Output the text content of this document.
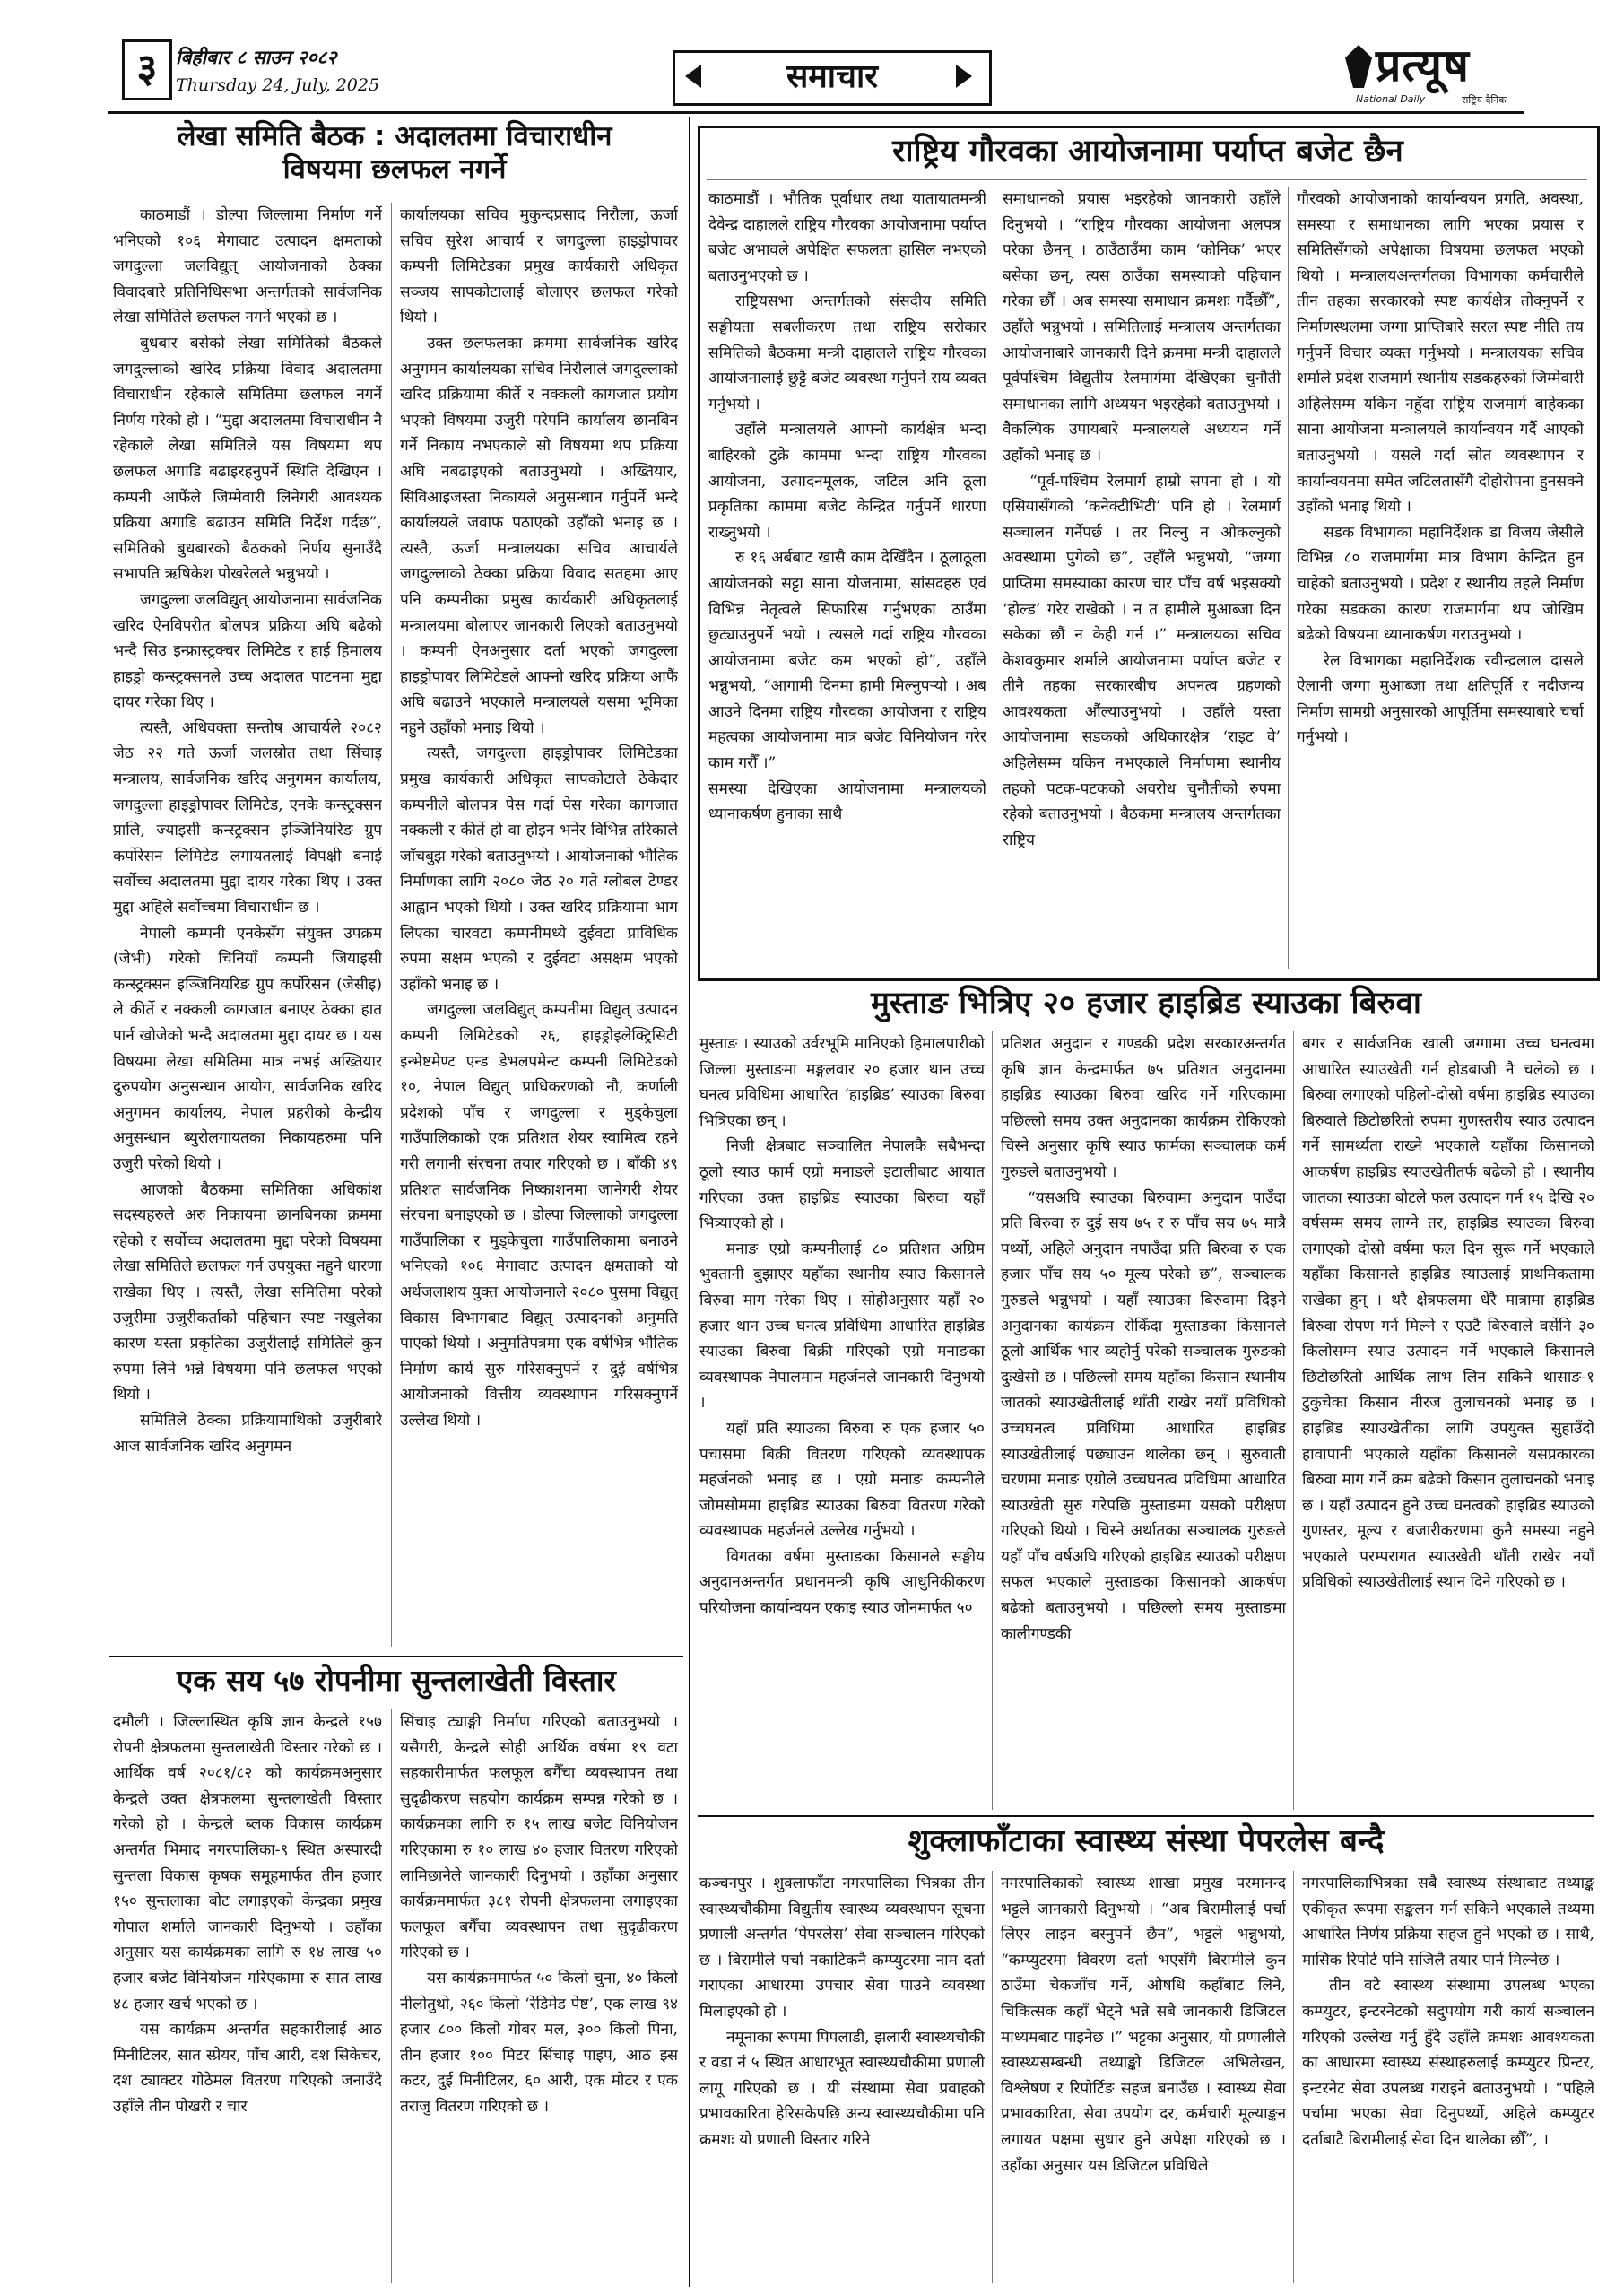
३ बिहीबार ८ साउन २०८२
Thursday 24, July, 2025	समाचार	प्रत्यूष
National Daily	राष्ट्रिय दैनिक
लेखा समिति बैठक : अदालतमा विचाराधीन
विषयमा छलफल नगर्ने

काठमाडौं । डोल्पा जिल्लामा निर्माण गर्ने भनिएको १०६ मेगावाट उत्पादन क्षमताको जगदुल्ला जलविद्युत् आयोजनाको ठेक्का विवादबारे प्रतिनिधिसभा अन्तर्गतको सार्वजनिक लेखा समितिले छलफल नगर्ने भएको छ ।

बुधबार बसेको लेखा समितिको बैठकले जगदुल्लाको खरिद प्रक्रिया विवाद अदालतमा विचाराधीन रहेकाले समितिमा छलफल नगर्ने निर्णय गरेको हो । “मुद्दा अदालतमा विचाराधीन नै रहेकाले लेखा समितिले यस विषयमा थप छलफल अगाडि बढाइरहनुपर्ने स्थिति देखिएन । कम्पनी आफैंले जिम्मेवारी लिनेगरी आवश्यक प्रक्रिया अगाडि बढाउन समिति निर्देश गर्दछ”, समितिको बुधबारको बैठकको निर्णय सुनाउँदै सभापति ऋषिकेश पोखरेलले भन्नुभयो ।

जगदुल्ला जलविद्युत् आयोजनामा सार्वजनिक खरिद ऐनविपरीत बोलपत्र प्रक्रिया अघि बढेको भन्दै सिउ इन्फ्रास्ट्रक्चर लिमिटेड र हाई हिमालय हाइड्रो कन्स्ट्रक्सनले उच्च अदालत पाटनमा मुद्दा दायर गरेका थिए ।

त्यस्तै, अधिवक्ता सन्तोष आचार्यले २०८२ जेठ २२ गते ऊर्जा जलस्रोत तथा सिंचाइ मन्त्रालय, सार्वजनिक खरिद अनुगमन कार्यालय, जगदुल्ला हाइड्रोपावर लिमिटेड, एनके कन्स्ट्रक्सन प्रालि, ज्याइसी कन्स्ट्रक्सन इञ्जिनियरिङ ग्रुप कर्पोरेसन लिमिटेड लगायतलाई विपक्षी बनाई सर्वोच्च अदालतमा मुद्दा दायर गरेका थिए । उक्त मुद्दा अहिले सर्वोच्चमा विचाराधीन छ ।

नेपाली कम्पनी एनकेसँग संयुक्त उपक्रम (जेभी) गरेको चिनियाँ कम्पनी जियाइसी कन्स्ट्रक्सन इञ्जिनियरिङ ग्रुप कर्पोरेसन (जेसीइ) ले कीर्ते र नक्कली कागजात बनाएर ठेक्का हात पार्न खोजेको भन्दै अदालतमा मुद्दा दायर छ । यस विषयमा लेखा समितिमा मात्र नभई अख्तियार दुरुपयोग अनुसन्धान आयोग, सार्वजनिक खरिद अनुगमन कार्यालय, नेपाल प्रहरीको केन्द्रीय अनुसन्धान ब्युरोलगायतका निकायहरुमा पनि उजुरी परेको थियो ।

आजको बैठकमा समितिका अधिकांश सदस्यहरुले अरु निकायमा छानबिनका क्रममा रहेको र सर्वोच्च अदालतमा मुद्दा परेको विषयमा लेखा समितिले छलफल गर्न उपयुक्त नहुने धारणा राखेका थिए । त्यस्तै, लेखा समितिमा परेको उजुरीमा उजुरीकर्ताको पहिचान स्पष्ट नखुलेका कारण यस्ता प्रकृतिका उजुरीलाई समितिले कुन रुपमा लिने भन्ने विषयमा पनि छलफल भएको थियो ।

समितिले ठेक्का प्रक्रियामाथिको उजुरीबारे आज सार्वजनिक खरिद अनुगमन

कार्यालयका सचिव मुकुन्दप्रसाद निरौला, ऊर्जा सचिव सुरेश आचार्य र जगदुल्ला हाइड्रोपावर कम्पनी लिमिटेडका प्रमुख कार्यकारी अधिकृत सञ्जय सापकोटालाई बोलाएर छलफल गरेको थियो ।

उक्त छलफलका क्रममा सार्वजनिक खरिद अनुगमन कार्यालयका सचिव निरौलाले जगदुल्लाको खरिद प्रक्रियामा कीर्ते र नक्कली कागजात प्रयोग भएको विषयमा उजुरी परेपनि कार्यालय छानबिन गर्ने निकाय नभएकाले सो विषयमा थप प्रक्रिया अघि नबढाइएको बताउनुभयो । अख्तियार, सिविआइजस्ता निकायले अनुसन्धान गर्नुपर्ने भन्दै कार्यालयले जवाफ पठाएको उहाँको भनाइ छ । त्यस्तै, ऊर्जा मन्त्रालयका सचिव आचार्यले जगदुल्लाको ठेक्का प्रक्रिया विवाद सतहमा आए पनि कम्पनीका प्रमुख कार्यकारी अधिकृतलाई मन्त्रालयमा बोलाएर जानकारी लिएको बताउनुभयो । कम्पनी ऐनअनुसार दर्ता भएको जगदुल्ला हाइड्रोपावर लिमिटेडले आफ्नो खरिद प्रक्रिया आफैं अघि बढाउने भएकाले मन्त्रालयले यसमा भूमिका नहुने उहाँको भनाइ थियो ।

त्यस्तै, जगदुल्ला हाइड्रोपावर लिमिटेडका प्रमुख कार्यकारी अधिकृत सापकोटाले ठेकेदार कम्पनीले बोलपत्र पेस गर्दा पेस गरेका कागजात नक्कली र कीर्ते हो वा होइन भनेर विभिन्न तरिकाले जाँचबुझ गरेको बताउनुभयो । आयोजनाको भौतिक निर्माणका लागि २०८० जेठ २० गते ग्लोबल टेण्डर आह्वान भएको थियो । उक्त खरिद प्रक्रियामा भाग लिएका चारवटा कम्पनीमध्ये दुईवटा प्राविधिक रुपमा सक्षम भएको र दुईवटा असक्षम भएको उहाँको भनाइ छ ।

जगदुल्ला जलविद्युत् कम्पनीमा विद्युत् उत्पादन कम्पनी लिमिटेडको २६, हाइड्रोइलेक्ट्रिसिटी इन्भेष्टमेण्ट एन्ड डेभलपमेन्ट कम्पनी लिमिटेडको १०, नेपाल विद्युत् प्राधिकरणको नौ, कर्णाली प्रदेशको पाँच र जगदुल्ला र मुड्केचुला गाउँपालिकाको एक प्रतिशत शेयर स्वामित्व रहने गरी लगानी संरचना तयार गरिएको छ । बाँकी ४९ प्रतिशत सार्वजनिक निष्काशनमा जानेगरी शेयर संरचना बनाइएको छ । डोल्पा जिल्लाको जगदुल्ला गाउँपालिका र मुड्केचुला गाउँपालिकामा बनाउने भनिएको १०६ मेगावाट उत्पादन क्षमताको यो अर्धजलाशय युक्त आयोजनाले २०८० पुसमा विद्युत् विकास विभागबाट विद्युत् उत्पादनको अनुमति पाएको थियो । अनुमतिपत्रमा एक वर्षभित्र भौतिक निर्माण कार्य सुरु गरिसक्नुपर्ने र दुई वर्षभित्र आयोजनाको वित्तीय व्यवस्थापन गरिसक्नुपर्ने उल्लेख थियो ।

राष्ट्रिय गौरवका आयोजनामा पर्याप्त बजेट छैन

काठमाडौं । भौतिक पूर्वाधार तथा यातायातमन्त्री देवेन्द्र दाहालले राष्ट्रिय गौरवका आयोजनामा पर्याप्त बजेट अभावले अपेक्षित सफलता हासिल नभएको बताउनुभएको छ ।

राष्ट्रियसभा अन्तर्गतको संसदीय समिति सङ्घीयता सबलीकरण तथा राष्ट्रिय सरोकार समितिको बैठकमा मन्त्री दाहालले राष्ट्रिय गौरवका आयोजनालाई छुट्टै बजेट व्यवस्था गर्नुपर्ने राय व्यक्त गर्नुभयो ।

उहाँले मन्त्रालयले आफ्नो कार्यक्षेत्र भन्दा बाहिरको टुक्रे काममा भन्दा राष्ट्रिय गौरवका आयोजना, उत्पादनमूलक, जटिल अनि ठूला प्रकृतिका काममा बजेट केन्द्रित गर्नुपर्ने धारणा राख्नुभयो ।

रु १६ अर्बबाट खासै काम देखिँदैन । ठूलाठूला आयोजनको सट्टा साना योजनामा, सांसदहरु एवं विभिन्न नेतृत्वले सिफारिस गर्नुभएका ठाउँमा छुट्याउनुपर्ने भयो । त्यसले गर्दा राष्ट्रिय गौरवका आयोजनामा बजेट कम भएको हो”, उहाँले भन्नुभयो, “आगामी दिनमा हामी मिल्नुपर्‍यो । अब आउने दिनमा राष्ट्रिय गौरवका आयोजना र राष्ट्रिय महत्वका आयोजनामा मात्र बजेट विनियोजन गरेर काम गरौँ ।”

समस्या देखिएका आयोजनामा मन्त्रालयको ध्यानाकर्षण हुनाका साथै

समाधानको प्रयास भइरहेको जानकारी उहाँले दिनुभयो । “राष्ट्रिय गौरवका आयोजना अलपत्र परेका छैनन् । ठाउँठाउँमा काम ‘कोनिक’ भएर बसेका छन्, त्यस ठाउँका समस्याको पहिचान गरेका छौँ । अब समस्या समाधान क्रमशः गर्दैछौँ”, उहाँले भन्नुभयो । समितिलाई मन्त्रालय अन्तर्गतका आयोजनाबारे जानकारी दिने क्रममा मन्त्री दाहालले पूर्वपश्चिम विद्युतीय रेलमार्गमा देखिएका चुनौती समाधानका लागि अध्ययन भइरहेको बताउनुभयो । वैकल्पिक उपायबारे मन्त्रालयले अध्ययन गर्ने उहाँको भनाइ छ ।

“पूर्व-पश्चिम रेलमार्ग हाम्रो सपना हो । यो एसियासँगको ‘कनेक्टीभिटी’ पनि हो । रेलमार्ग सञ्चालन गर्नैपर्छ । तर निल्नु न ओकल्नुको अवस्थामा पुगेको छ”, उहाँले भन्नुभयो, “जग्गा प्राप्तिमा समस्याका कारण चार पाँच वर्ष भइसक्यो ‘होल्ड’ गरेर राखेको । न त हामीले मुआब्जा दिन सकेका छौं न केही गर्न ।” मन्त्रालयका सचिव केशवकुमार शर्माले आयोजनामा पर्याप्त बजेट र तीनै तहका सरकारबीच अपनत्व ग्रहणको आवश्यकता औंल्याउनुभयो । उहाँले यस्ता आयोजनामा सडकको अधिकारक्षेत्र ‘राइट वे’ अहिलेसम्म यकिन नभएकाले निर्माणमा स्थानीय तहको पटक-पटकको अवरोध चुनौतीको रुपमा रहेको बताउनुभयो । बैठकमा मन्त्रालय अन्तर्गतका राष्ट्रिय

गौरवको आयोजनाको कार्यान्वयन प्रगति, अवस्था, समस्या र समाधानका लागि भएका प्रयास र समितिसँगको अपेक्षाका विषयमा छलफल भएको थियो । मन्त्रालयअन्तर्गतका विभागका कर्मचारीले तीन तहका सरकारको स्पष्ट कार्यक्षेत्र तोक्नुपर्ने र निर्माणस्थलमा जग्गा प्राप्तिबारे सरल स्पष्ट नीति तय गर्नुपर्ने विचार व्यक्त गर्नुभयो । मन्त्रालयका सचिव शर्माले प्रदेश राजमार्ग स्थानीय सडकहरुको जिम्मेवारी अहिलेसम्म यकिन नहुँदा राष्ट्रिय राजमार्ग बाहेकका साना आयोजना मन्त्रालयले कार्यान्वयन गर्दै आएको बताउनुभयो । यसले गर्दा स्रोत व्यवस्थापन र कार्यान्वयनमा समेत जटिलतासँगै दोहोरोपना हुनसक्ने उहाँको भनाइ थियो ।

सडक विभागका महानिर्देशक डा विजय जैसीले विभिन्न ८० राजमार्गमा मात्र विभाग केन्द्रित हुन चाहेको बताउनुभयो । प्रदेश र स्थानीय तहले निर्माण गरेका सडकका कारण राजमार्गमा थप जोखिम बढेको विषयमा ध्यानाकर्षण गराउनुभयो ।

रेल विभागका महानिर्देशक रवीन्द्रलाल दासले ऐलानी जग्गा मुआब्जा तथा क्षतिपूर्ति र नदीजन्य निर्माण सामग्री अनुसारको आपूर्तिमा समस्याबारे चर्चा गर्नुभयो ।

मुस्ताङ भित्रिए २० हजार हाइब्रिड स्याउका बिरुवा

मुस्ताङ । स्याउको उर्वरभूमि मानिएको हिमालपारीको जिल्ला मुस्ताङमा मङ्गलवार २० हजार थान उच्च घनत्व प्रविधिमा आधारित ‘हाइब्रिड’ स्याउका बिरुवा भित्रिएका छन् ।

निजी क्षेत्रबाट सञ्चालित नेपालकै सबैभन्दा ठूलो स्याउ फार्म एग्रो मनाङले इटालीबाट आयात गरिएका उक्त हाइब्रिड स्याउका बिरुवा यहाँ भित्र्याएको हो ।

मनाङ एग्रो कम्पनीलाई ८० प्रतिशत अग्रिम भुक्तानी बुझाएर यहाँका स्थानीय स्याउ किसानले बिरुवा माग गरेका थिए । सोहीअनुसार यहाँ २० हजार थान उच्च घनत्व प्रविधिमा आधारित हाइब्रिड स्याउका बिरुवा बिक्री गरिएको एग्रो मनाङका व्यवस्थापक नेपालमान महर्जनले जानकारी दिनुभयो ।

यहाँ प्रति स्याउका बिरुवा रु एक हजार ५० पचासमा बिक्री वितरण गरिएको व्यवस्थापक महर्जनको भनाइ छ । एग्रो मनाङ कम्पनीले जोमसोममा हाइब्रिड स्याउका बिरुवा वितरण गरेको व्यवस्थापक महर्जनले उल्लेख गर्नुभयो ।

विगतका वर्षमा मुस्ताङका किसानले सङ्घीय अनुदानअन्तर्गत प्रधानमन्त्री कृषि आधुनिकीकरण परियोजना कार्यान्वयन एकाइ स्याउ जोनमार्फत ५०

प्रतिशत अनुदान र गण्डकी प्रदेश सरकारअन्तर्गत कृषि ज्ञान केन्द्रमार्फत ७५ प्रतिशत अनुदानमा हाइब्रिड स्याउका बिरुवा खरिद गर्ने गरिएकामा पछिल्लो समय उक्त अनुदानका कार्यक्रम रोकिएको चिस्ने अनुसार कृषि स्याउ फार्मका सञ्चालक कर्म गुरुङले बताउनुभयो ।

“यसअघि स्याउका बिरुवामा अनुदान पाउँदा प्रति बिरुवा रु दुई सय ७५ र रु पाँच सय ७५ मात्रै पर्थ्यो, अहिले अनुदान नपाउँदा प्रति बिरुवा रु एक हजार पाँच सय ५० मूल्य परेको छ”, सञ्चालक गुरुङले भन्नुभयो । यहाँ स्याउका बिरुवामा दिइने अनुदानका कार्यक्रम रोकिँदा मुस्ताङका किसानले ठूलो आर्थिक भार व्यहोर्नु परेको सञ्चालक गुरुङको दुःखेसो छ । पछिल्लो समय यहाँका किसान स्थानीय जातको स्याउखेतीलाई थाँती राखेर नयाँ प्रविधिको उच्चघनत्व प्रविधिमा आधारित हाइब्रिड स्याउखेतीलाई पछ्याउन थालेका छन् । सुरुवाती चरणमा मनाङ एग्रोले उच्चघनत्व प्रविधिमा आधारित स्याउखेती सुरु गरेपछि मुस्ताङमा यसको परीक्षण गरिएको थियो । चिस्ने अर्थातका सञ्चालक गुरुङले यहाँ पाँच वर्षअघि गरिएको हाइब्रिड स्याउको परीक्षण सफल भएकाले मुस्ताङका किसानको आकर्षण बढेको बताउनुभयो । पछिल्लो समय मुस्ताङमा कालीगण्डकी

बगर र सार्वजनिक खाली जग्गामा उच्च घनत्वमा आधारित स्याउखेती गर्न होडबाजी नै चलेको छ । बिरुवा लगाएको पहिलो-दोस्रो वर्षमा हाइब्रिड स्याउका बिरुवाले छिटोछरितो रुपमा गुणस्तरीय स्याउ उत्पादन गर्ने सामर्थ्यता राख्ने भएकाले यहाँका किसानको आकर्षण हाइब्रिड स्याउखेतीतर्फ बढेको हो । स्थानीय जातका स्याउका बोटले फल उत्पादन गर्न १५ देखि २० वर्षसम्म समय लाग्ने तर, हाइब्रिड स्याउका बिरुवा लगाएको दोस्रो वर्षमा फल दिन सुरू गर्ने भएकाले यहाँका किसानले हाइब्रिड स्याउलाई प्राथमिकतामा राखेका हुन् । थरै क्षेत्रफलमा धेरै मात्रामा हाइब्रिड बिरुवा रोपण गर्न मिल्ने र एउटै बिरुवाले वर्सेनि ३० किलोसम्म स्याउ उत्पादन गर्ने भएकाले किसानले छिटोछरितो आर्थिक लाभ लिन सकिने थासाङ-१ टुकुचेका किसान नीरज तुलाचनको भनाइ छ । हाइब्रिड स्याउखेतीका लागि उपयुक्त सुहाउँदो हावापानी भएकाले यहाँका किसानले यसप्रकारका बिरुवा माग गर्ने क्रम बढेको किसान तुलाचनको भनाइ छ । यहाँ उत्पादन हुने उच्च घनत्वको हाइब्रिड स्याउको गुणस्तर, मूल्य र बजारीकरणमा कुनै समस्या नहुने भएकाले परम्परागत स्याउखेती थाँती राखेर नयाँ प्रविधिको स्याउखेतीलाई स्थान दिने गरिएको छ ।

एक सय ५७ रोपनीमा सुन्तलाखेती विस्तार

दमौली । जिल्लास्थित कृषि ज्ञान केन्द्रले १५७ रोपनी क्षेत्रफलमा सुन्तलाखेती विस्तार गरेको छ । आर्थिक वर्ष २०८१/८२ को कार्यक्रमअनुसार केन्द्रले उक्त क्षेत्रफलमा सुन्तलाखेती विस्तार गरेको हो । केन्द्रले ब्लक विकास कार्यक्रम अन्तर्गत भिमाद नगरपालिका-९ स्थित अस्पारदी सुन्तला विकास कृषक समूहमार्फत तीन हजार १५० सुन्तलाका बोट लगाइएको केन्द्रका प्रमुख गोपाल शर्माले जानकारी दिनुभयो । उहाँका अनुसार यस कार्यक्रमका लागि रु १४ लाख ५० हजार बजेट विनियोजन गरिएकामा रु सात लाख ४८ हजार खर्च भएको छ ।

यस कार्यक्रम अन्तर्गत सहकारीलाई आठ मिनीटिलर, सात स्प्रेयर, पाँच आरी, दश सिकेचर, दश ट्याक्टर गोठेमल वितरण गरिएको जनाउँदै उहाँले तीन पोखरी र चार

सिंचाइ ट्याङ्गी निर्माण गरिएको बताउनुभयो । यसैगरी, केन्द्रले सोही आर्थिक वर्षमा १९ वटा सहकारीमार्फत फलफूल बगैँचा व्यवस्थापन तथा सुदृढीकरण सहयोग कार्यक्रम सम्पन्न गरेको छ । कार्यक्रमका लागि रु १५ लाख बजेट विनियोजन गरिएकामा रु १० लाख ४० हजार वितरण गरिएको लामिछानेले जानकारी दिनुभयो । उहाँका अनुसार कार्यक्रममार्फत ३८१ रोपनी क्षेत्रफलमा लगाइएका फलफूल बगैँचा व्यवस्थापन तथा सुदृढीकरण गरिएको छ ।

यस कार्यक्रममार्फत ५० किलो चुना, ४० किलो नीलोतुथो, २६० किलो ‘रेडिमेड पेष्ट’, एक लाख ९४ हजार ८०० किलो गोबर मल, ३०० किलो पिना, तीन हजार १०० मिटर सिंचाइ पाइप, आठ झ्स कटर, दुई मिनीटिलर, ६० आरी, एक मोटर र एक तराजु वितरण गरिएको छ ।

शुक्लाफाँटाका स्वास्थ्य संस्था पेपरलेस बन्दै

कञ्चनपुर । शुक्लाफाँटा नगरपालिका भित्रका तीन स्वास्थ्यचौकीमा विद्युतीय स्वास्थ्य व्यवस्थापन सूचना प्रणाली अन्तर्गत ‘पेपरलेस’ सेवा सञ्चालन गरिएको छ । बिरामीले पर्चा नकाटिकनै कम्प्युटरमा नाम दर्ता गराएका आधारमा उपचार सेवा पाउने व्यवस्था मिलाइएको हो ।

नमूनाका रूपमा पिपलाडी, झलारी स्वास्थ्यचौकी र वडा नं ५ स्थित आधारभूत स्वास्थ्यचौकीमा प्रणाली लागू गरिएको छ । यी संस्थामा सेवा प्रवाहको प्रभावकारिता हेरिसकेपछि अन्य स्वास्थ्यचौकीमा पनि क्रमशः यो प्रणाली विस्तार गरिने

नगरपालिकाको स्वास्थ्य शाखा प्रमुख परमानन्द भट्टले जानकारी दिनुभयो । “अब बिरामीलाई पर्चा लिएर लाइन बस्नुपर्ने छैन”, भट्टले भन्नुभयो, “कम्प्युटरमा विवरण दर्ता भएसँगै बिरामीले कुन ठाउँमा चेकजाँच गर्ने, औषधि कहाँबाट लिने, चिकित्सक कहाँ भेट्ने भन्ने सबै जानकारी डिजिटल माध्यमबाट पाइनेछ ।” भट्टका अनुसार, यो प्रणालीले स्वास्थ्यसम्बन्धी तथ्याङ्को डिजिटल अभिलेखन, विश्लेषण र रिपोर्टिङ सहज बनाउँछ । स्वास्थ्य सेवा प्रभावकारिता, सेवा उपयोग दर, कर्मचारी मूल्याङ्कन लगायत पक्षमा सुधार हुने अपेक्षा गरिएको छ । उहाँका अनुसार यस डिजिटल प्रविधिले

नगरपालिकाभित्रका सबै स्वास्थ्य संस्थाबाट तथ्याङ्क एकीकृत रूपमा सङ्कलन गर्न सकिने भएकाले तथ्यमा आधारित निर्णय प्रक्रिया सहज हुने भएको छ । साथै, मासिक रिपोर्ट पनि सजिलै तयार पार्न मिल्नेछ ।

तीन वटै स्वास्थ्य संस्थामा उपलब्ध भएका कम्प्युटर, इन्टरनेटको सदुपयोग गरी कार्य सञ्चालन गरिएको उल्लेख गर्नु हुँदै उहाँले क्रमशः आवश्यकता का आधारमा स्वास्थ्य संस्थाहरुलाई कम्प्युटर प्रिन्टर, इन्टरनेट सेवा उपलब्ध गराइने बताउनुभयो । “पहिले पर्चामा भएका सेवा दिनुपर्थ्यो, अहिले कम्प्युटर दर्ताबाटै बिरामीलाई सेवा दिन थालेका छौँ”, ।
